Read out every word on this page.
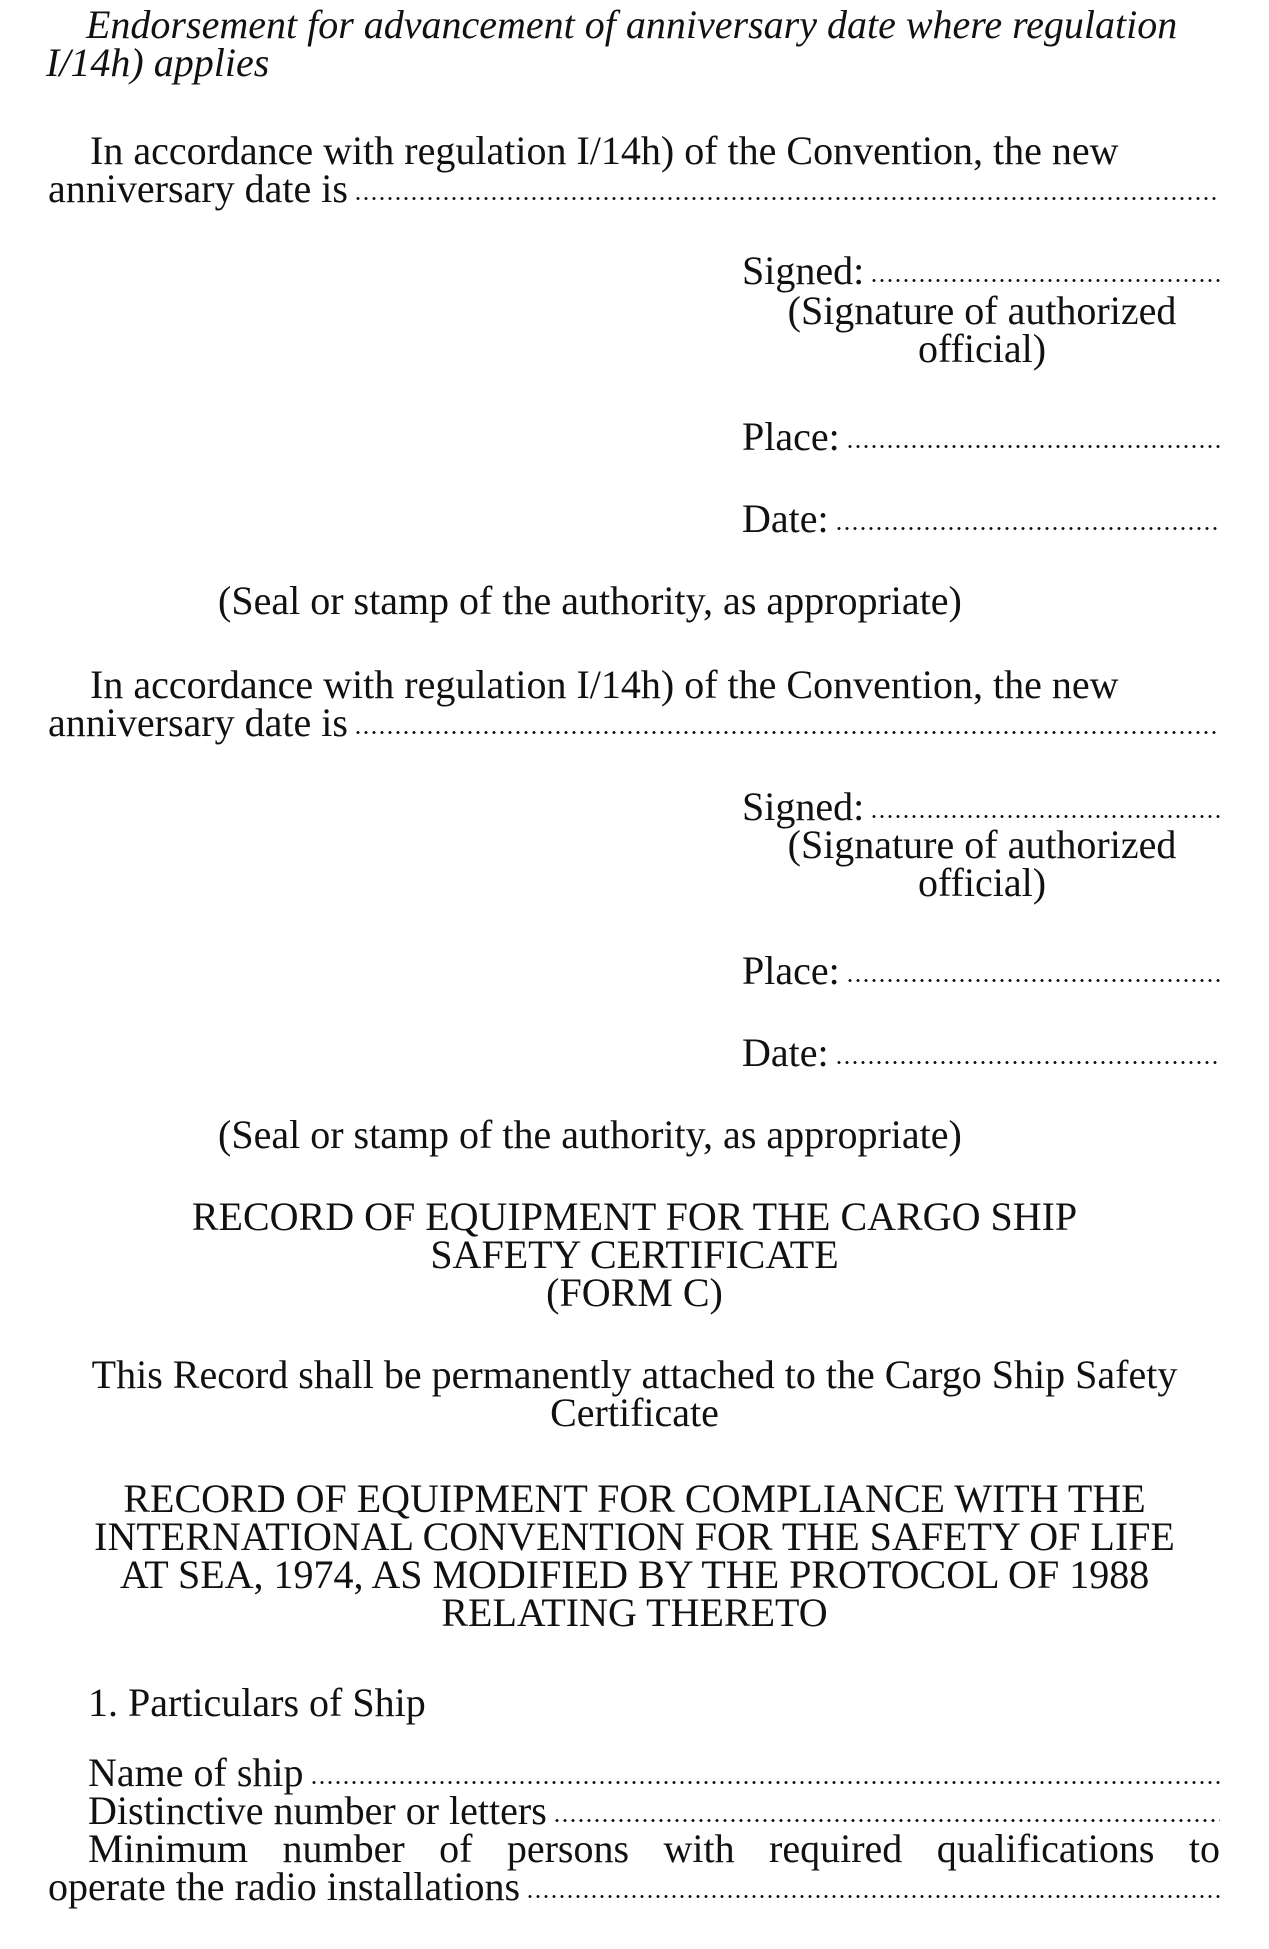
Endorsement for advancement of anniversary date where regulation
I/14h) applies
In accordance with regulation I/14h) of the Convention, the new
anniversary date is
Signed:
(Signature of authorized
official)
Place:
Date:
(Seal or stamp of the authority, as appropriate)
In accordance with regulation I/14h) of the Convention, the new
anniversary date is
Signed:
(Signature of authorized
official)
Place:
Date:
(Seal or stamp of the authority, as appropriate)
RECORD OF EQUIPMENT FOR THE CARGO SHIP
SAFETY CERTIFICATE
(FORM C)
This Record shall be permanently attached to the Cargo Ship Safety
Certificate
RECORD OF EQUIPMENT FOR COMPLIANCE WITH THE
INTERNATIONAL CONVENTION FOR THE SAFETY OF LIFE
AT SEA, 1974, AS MODIFIED BY THE PROTOCOL OF 1988
RELATING THERETO
1. Particulars of Ship
Name of ship
Distinctive number or letters
Minimum number of persons with required qualifications to
operate the radio installations
